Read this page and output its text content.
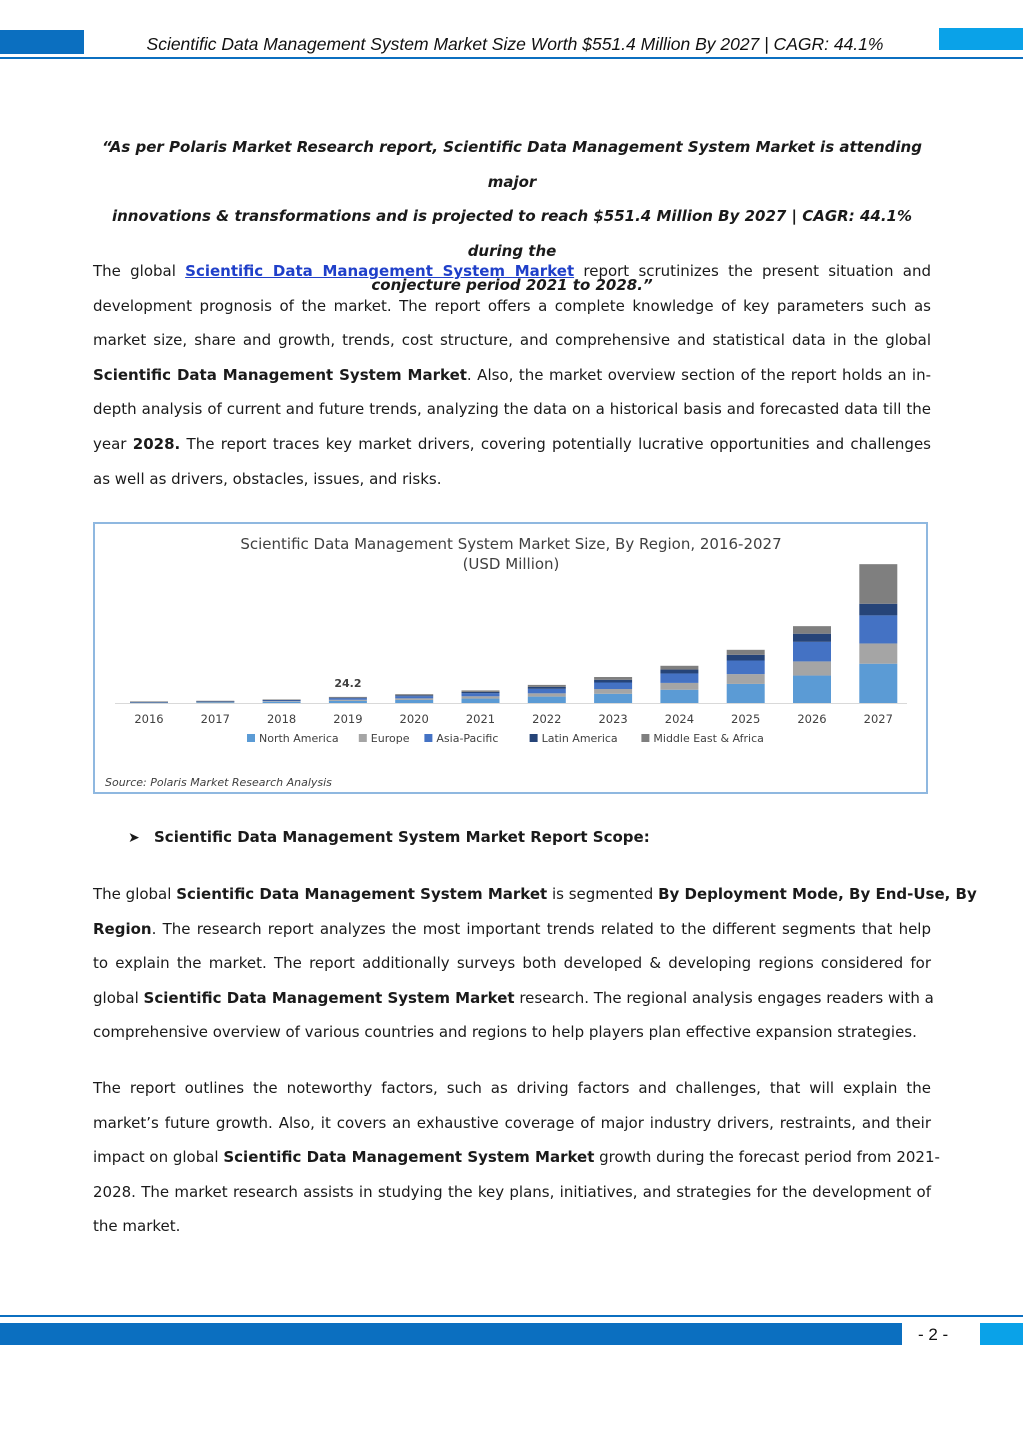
Scientific Data Management System Market Size Worth $551.4 Million By 2027 | CAGR: 44.1%
“As per Polaris Market Research report, Scientific Data Management System Market is attending major
innovations & transformations and is projected to reach $551.4 Million By 2027 | CAGR: 44.1% during the
conjecture period 2021 to 2028.”
The global Scientific Data Management System Market report scrutinizes the present situation and
development prognosis of the market. The report offers a complete knowledge of key parameters such as
market size, share and growth, trends, cost structure, and comprehensive and statistical data in the global
Scientific Data Management System Market. Also, the market overview section of the report holds an in-
depth analysis of current and future trends, analyzing the data on a historical basis and forecasted data till the
year 2028. The report traces key market drivers, covering potentially lucrative opportunities and challenges
as well as drivers, obstacles, issues, and risks.
Scientific Data Management System Market Size, By Region, 2016-2027
(USD Million)
24.2
2016	2017	2018	2019	2020	2021	2022	2023	2024	2025	2026	2027
North America	Europe Asia-Pacific	Latin America	Middle East & Africa
Source: Polaris Market Research Analysis
➤ Scientific Data Management System Market Report Scope:
The global Scientific Data Management System Market is segmented By Deployment Mode, By End-Use, By
Region. The research report analyzes the most important trends related to the different segments that help
to explain the market. The report additionally surveys both developed & developing regions considered for
global Scientific Data Management System Market research. The regional analysis engages readers with a
comprehensive overview of various countries and regions to help players plan effective expansion strategies.
The report outlines the noteworthy factors, such as driving factors and challenges, that will explain the
market’s future growth. Also, it covers an exhaustive coverage of major industry drivers, restraints, and their
impact on global Scientific Data Management System Market growth during the forecast period from 2021-
2028. The market research assists in studying the key plans, initiatives, and strategies for the development of
the market.
- 2 -
